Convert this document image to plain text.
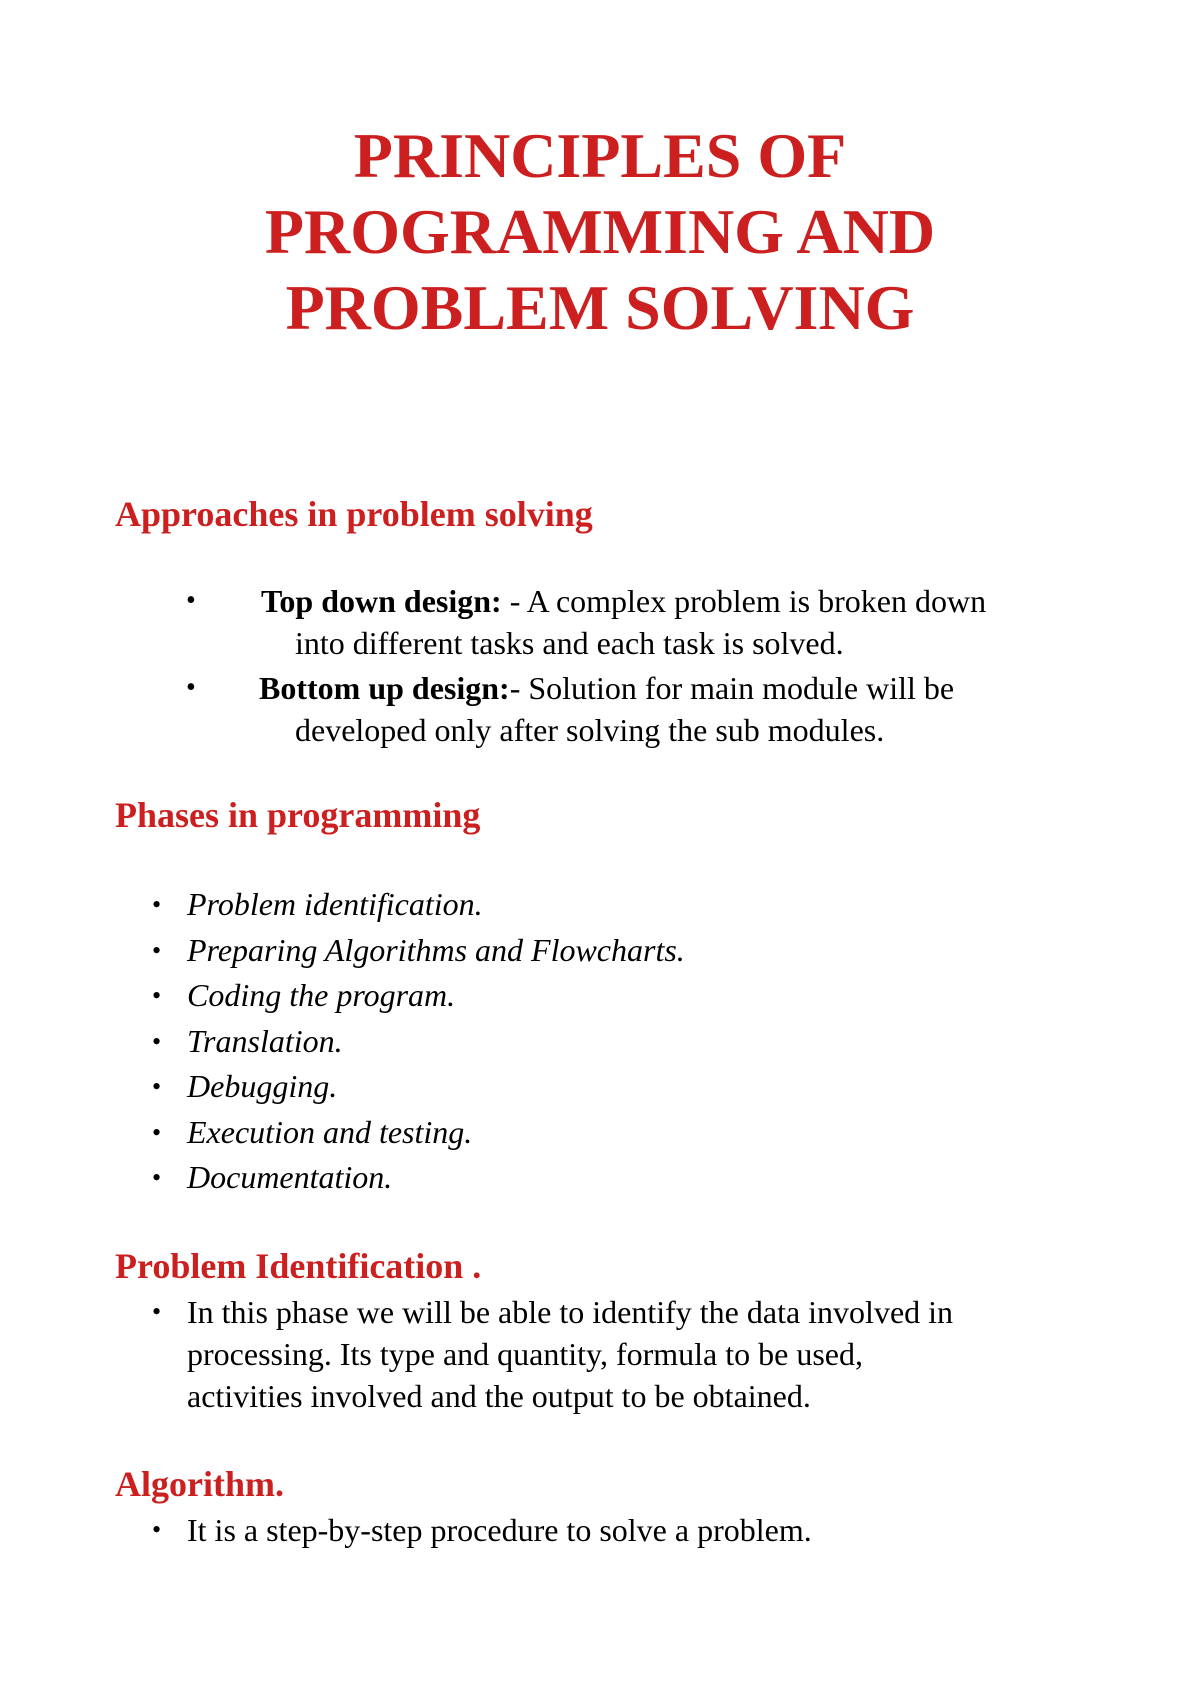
PRINCIPLES OF
PROGRAMMING AND
PROBLEM SOLVING
Approaches in problem solving
• Top down design: - A complex problem is broken down
into different tasks and each task is solved.
• Bottom up design:- Solution for main module will be
developed only after solving the sub modules.
Phases in programming
• Problem identification.
• Preparing Algorithms and Flowcharts.
• Coding the program.
• Translation.
• Debugging.
• Execution and testing.
• Documentation.
Problem Identification .
• In this phase we will be able to identify the data involved in
processing. Its type and quantity, formula to be used,
activities involved and the output to be obtained.
Algorithm.
• It is a step-by-step procedure to solve a problem.
